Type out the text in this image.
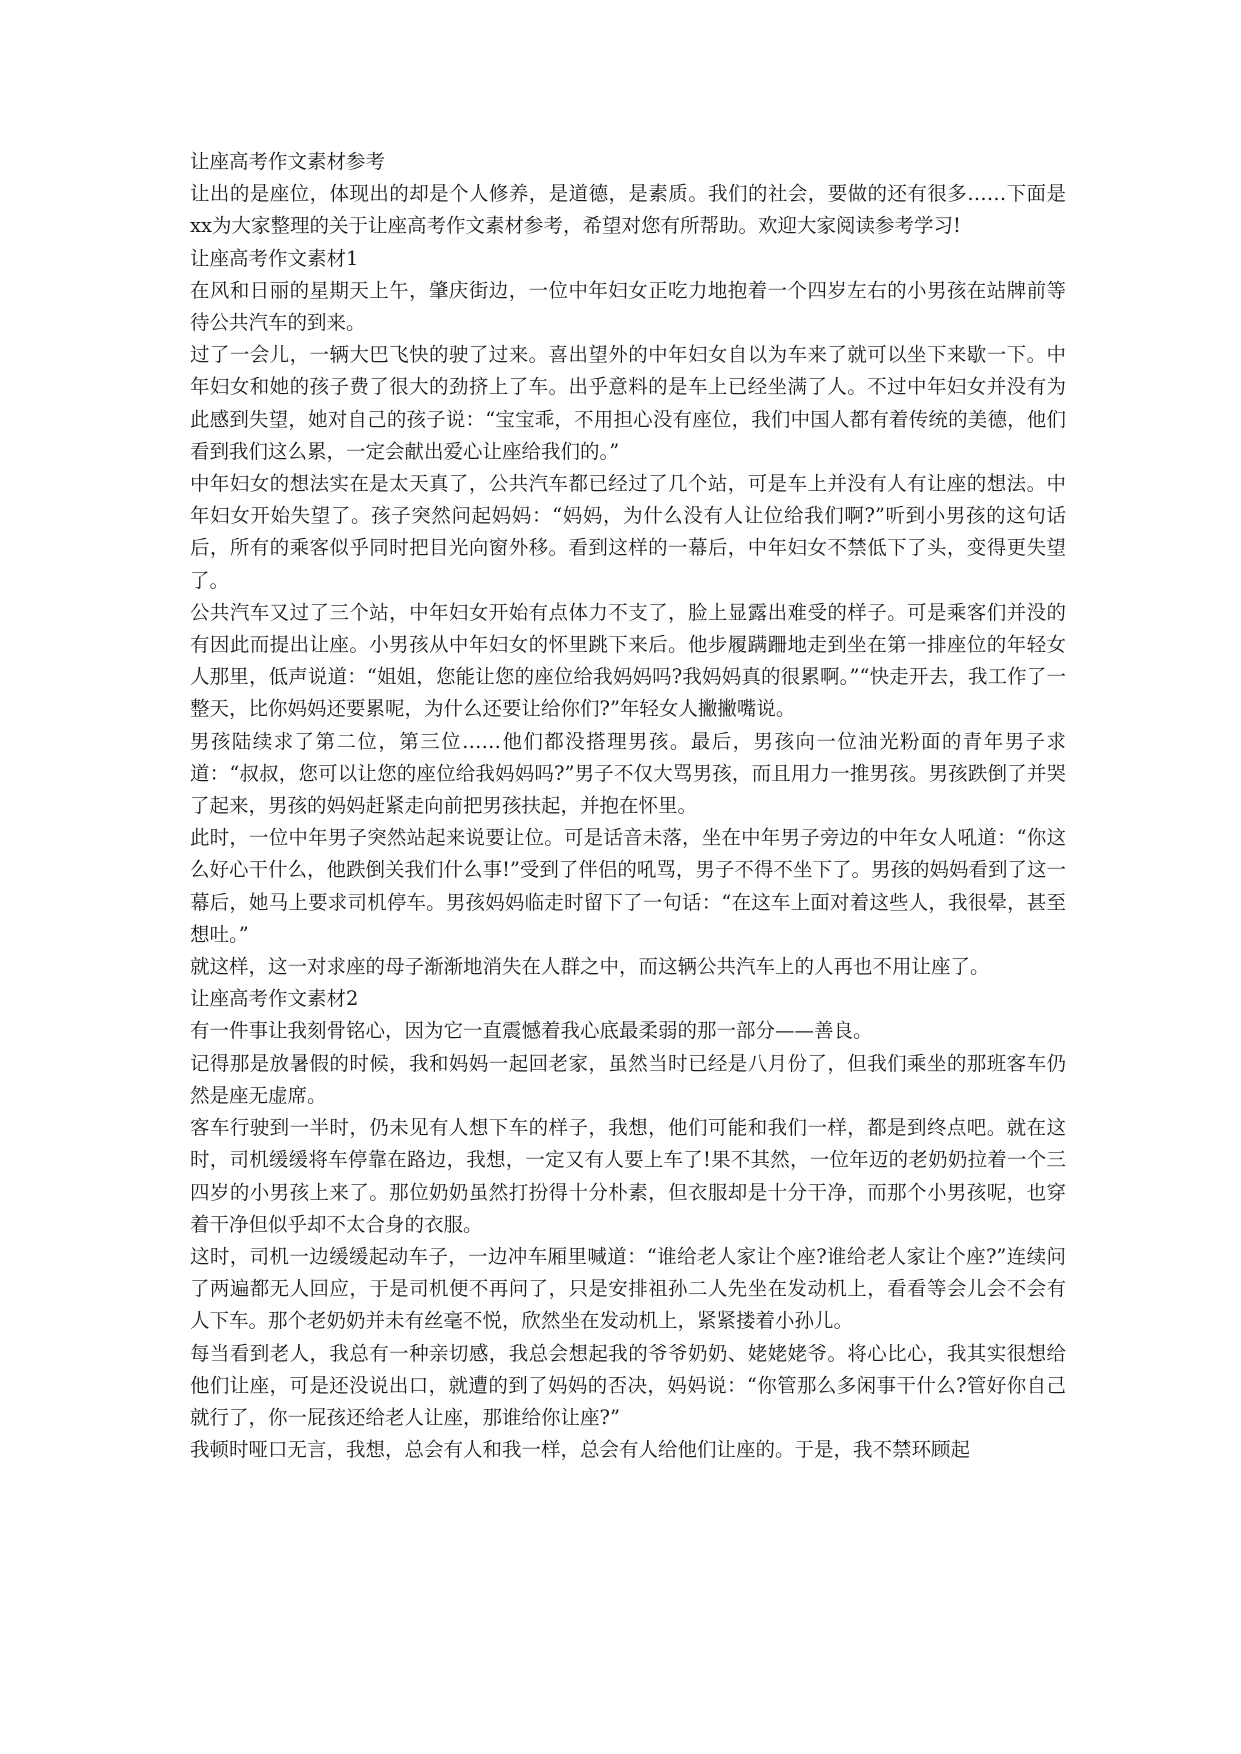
让座高考作文素材参考

让出的是座位，体现出的却是个人修养，是道德，是素质。我们的社会，要做的还有很多……下面是xx为大家整理的关于让座高考作文素材参考，希望对您有所帮助。欢迎大家阅读参考学习!

让座高考作文素材1

在风和日丽的星期天上午，肇庆街边，一位中年妇女正吃力地抱着一个四岁左右的小男孩在站牌前等待公共汽车的到来。

过了一会儿，一辆大巴飞快的驶了过来。喜出望外的中年妇女自以为车来了就可以坐下来歇一下。中年妇女和她的孩子费了很大的劲挤上了车。出乎意料的是车上已经坐满了人。不过中年妇女并没有为此感到失望，她对自己的孩子说：“宝宝乖，不用担心没有座位，我们中国人都有着传统的美德，他们看到我们这么累，一定会献出爱心让座给我们的。”

中年妇女的想法实在是太天真了，公共汽车都已经过了几个站，可是车上并没有人有让座的想法。中年妇女开始失望了。孩子突然问起妈妈：“妈妈，为什么没有人让位给我们啊?”听到小男孩的这句话后，所有的乘客似乎同时把目光向窗外移。看到这样的一幕后，中年妇女不禁低下了头，变得更失望了。

公共汽车又过了三个站，中年妇女开始有点体力不支了，脸上显露出难受的样子。可是乘客们并没的有因此而提出让座。小男孩从中年妇女的怀里跳下来后。他步履蹒跚地走到坐在第一排座位的年轻女人那里，低声说道：“姐姐，您能让您的座位给我妈妈吗?我妈妈真的很累啊。”“快走开去，我工作了一整天，比你妈妈还要累呢，为什么还要让给你们?”年轻女人撇撇嘴说。

男孩陆续求了第二位，第三位……他们都没搭理男孩。最后，男孩向一位油光粉面的青年男子求道：“叔叔，您可以让您的座位给我妈妈吗?”男子不仅大骂男孩，而且用力一推男孩。男孩跌倒了并哭了起来，男孩的妈妈赶紧走向前把男孩扶起，并抱在怀里。

此时，一位中年男子突然站起来说要让位。可是话音未落，坐在中年男子旁边的中年女人吼道：“你这么好心干什么，他跌倒关我们什么事!”受到了伴侣的吼骂，男子不得不坐下了。男孩的妈妈看到了这一幕后，她马上要求司机停车。男孩妈妈临走时留下了一句话：“在这车上面对着这些人，我很晕，甚至想吐。”

就这样，这一对求座的母子渐渐地消失在人群之中，而这辆公共汽车上的人再也不用让座了。

让座高考作文素材2

有一件事让我刻骨铭心，因为它一直震憾着我心底最柔弱的那一部分——善良。

记得那是放暑假的时候，我和妈妈一起回老家，虽然当时已经是八月份了，但我们乘坐的那班客车仍然是座无虚席。

客车行驶到一半时，仍未见有人想下车的样子，我想，他们可能和我们一样，都是到终点吧。就在这时，司机缓缓将车停靠在路边，我想，一定又有人要上车了!果不其然，一位年迈的老奶奶拉着一个三四岁的小男孩上来了。那位奶奶虽然打扮得十分朴素，但衣服却是十分干净，而那个小男孩呢，也穿着干净但似乎却不太合身的衣服。

这时，司机一边缓缓起动车子，一边冲车厢里喊道：“谁给老人家让个座?谁给老人家让个座?”连续问了两遍都无人回应，于是司机便不再问了，只是安排祖孙二人先坐在发动机上，看看等会儿会不会有人下车。那个老奶奶并未有丝毫不悦，欣然坐在发动机上，紧紧搂着小孙儿。

每当看到老人，我总有一种亲切感，我总会想起我的爷爷奶奶、姥姥姥爷。将心比心，我其实很想给他们让座，可是还没说出口，就遭的到了妈妈的否决，妈妈说：“你管那么多闲事干什么?管好你自己就行了，你一屁孩还给老人让座，那谁给你让座?”

我顿时哑口无言，我想，总会有人和我一样，总会有人给他们让座的。于是，我不禁环顾起
